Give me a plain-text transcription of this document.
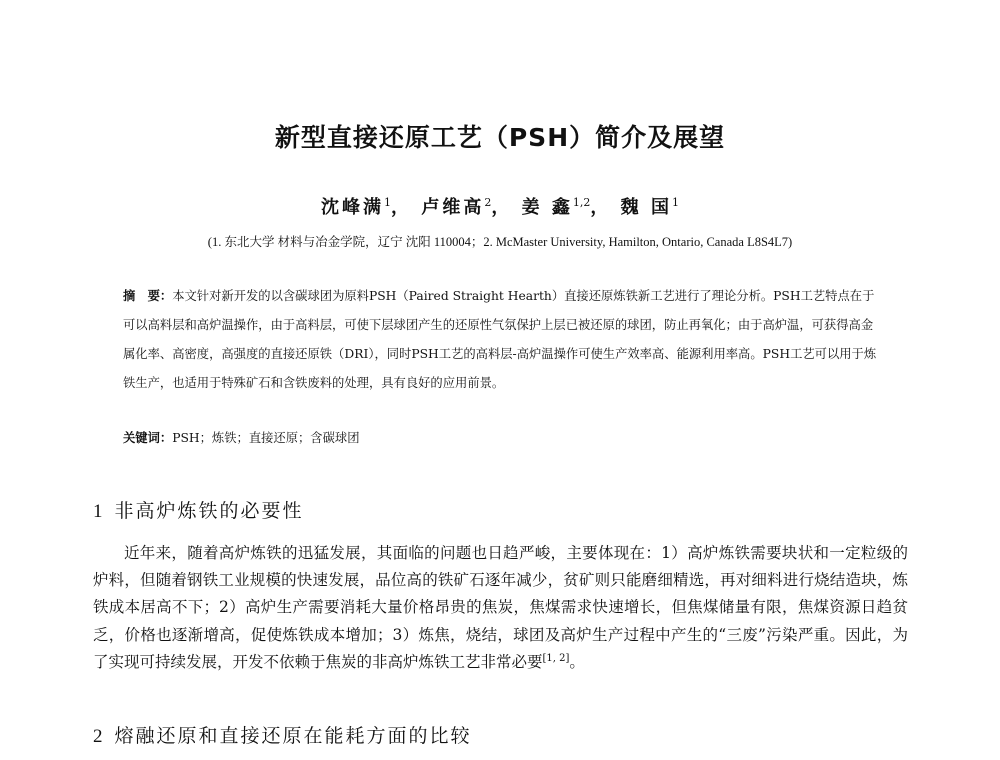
新型直接还原工艺（PSH）简介及展望
沈峰满$^1$， 卢维高$^2$， 姜 鑫$^{1,2}$， 魏 国$^1$
(1. 东北大学 材料与冶金学院，辽宁 沈阳 110004；2. McMaster University, Hamilton, Ontario, Canada L8S4L7)
摘　要：本文针对新开发的以含碳球团为原料PSH（Paired Straight Hearth）直接还原炼铁新工艺进行了理论分析。PSH工艺特点在于可以高料层和高炉温操作，由于高料层，可使下层球团产生的还原性气氛保护上层已被还原的球团，防止再氧化；由于高炉温，可获得高金属化率、高密度，高强度的直接还原铁（DRI），同时PSH工艺的高料层-高炉温操作可使生产效率高、能源利用率高。PSH工艺可以用于炼铁生产，也适用于特殊矿石和含铁废料的处理，具有良好的应用前景。
关键词：PSH；炼铁；直接还原；含碳球团
1 非高炉炼铁的必要性
近年来，随着高炉炼铁的迅猛发展，其面临的问题也日趋严峻，主要体现在：1）高炉炼铁需要块状和一定粒级的炉料，但随着钢铁工业规模的快速发展，品位高的铁矿石逐年减少，贫矿则只能磨细精选，再对细料进行烧结造块，炼铁成本居高不下；2）高炉生产需要消耗大量价格昂贵的焦炭，焦煤需求快速增长，但焦煤储量有限，焦煤资源日趋贫乏，价格也逐渐增高，促使炼铁成本增加；3）炼焦，烧结，球团及高炉生产过程中产生的“三废”污染严重。因此，为了实现可持续发展，开发不依赖于焦炭的非高炉炼铁工艺非常必要[1, 2]。
2 熔融还原和直接还原在能耗方面的比较
